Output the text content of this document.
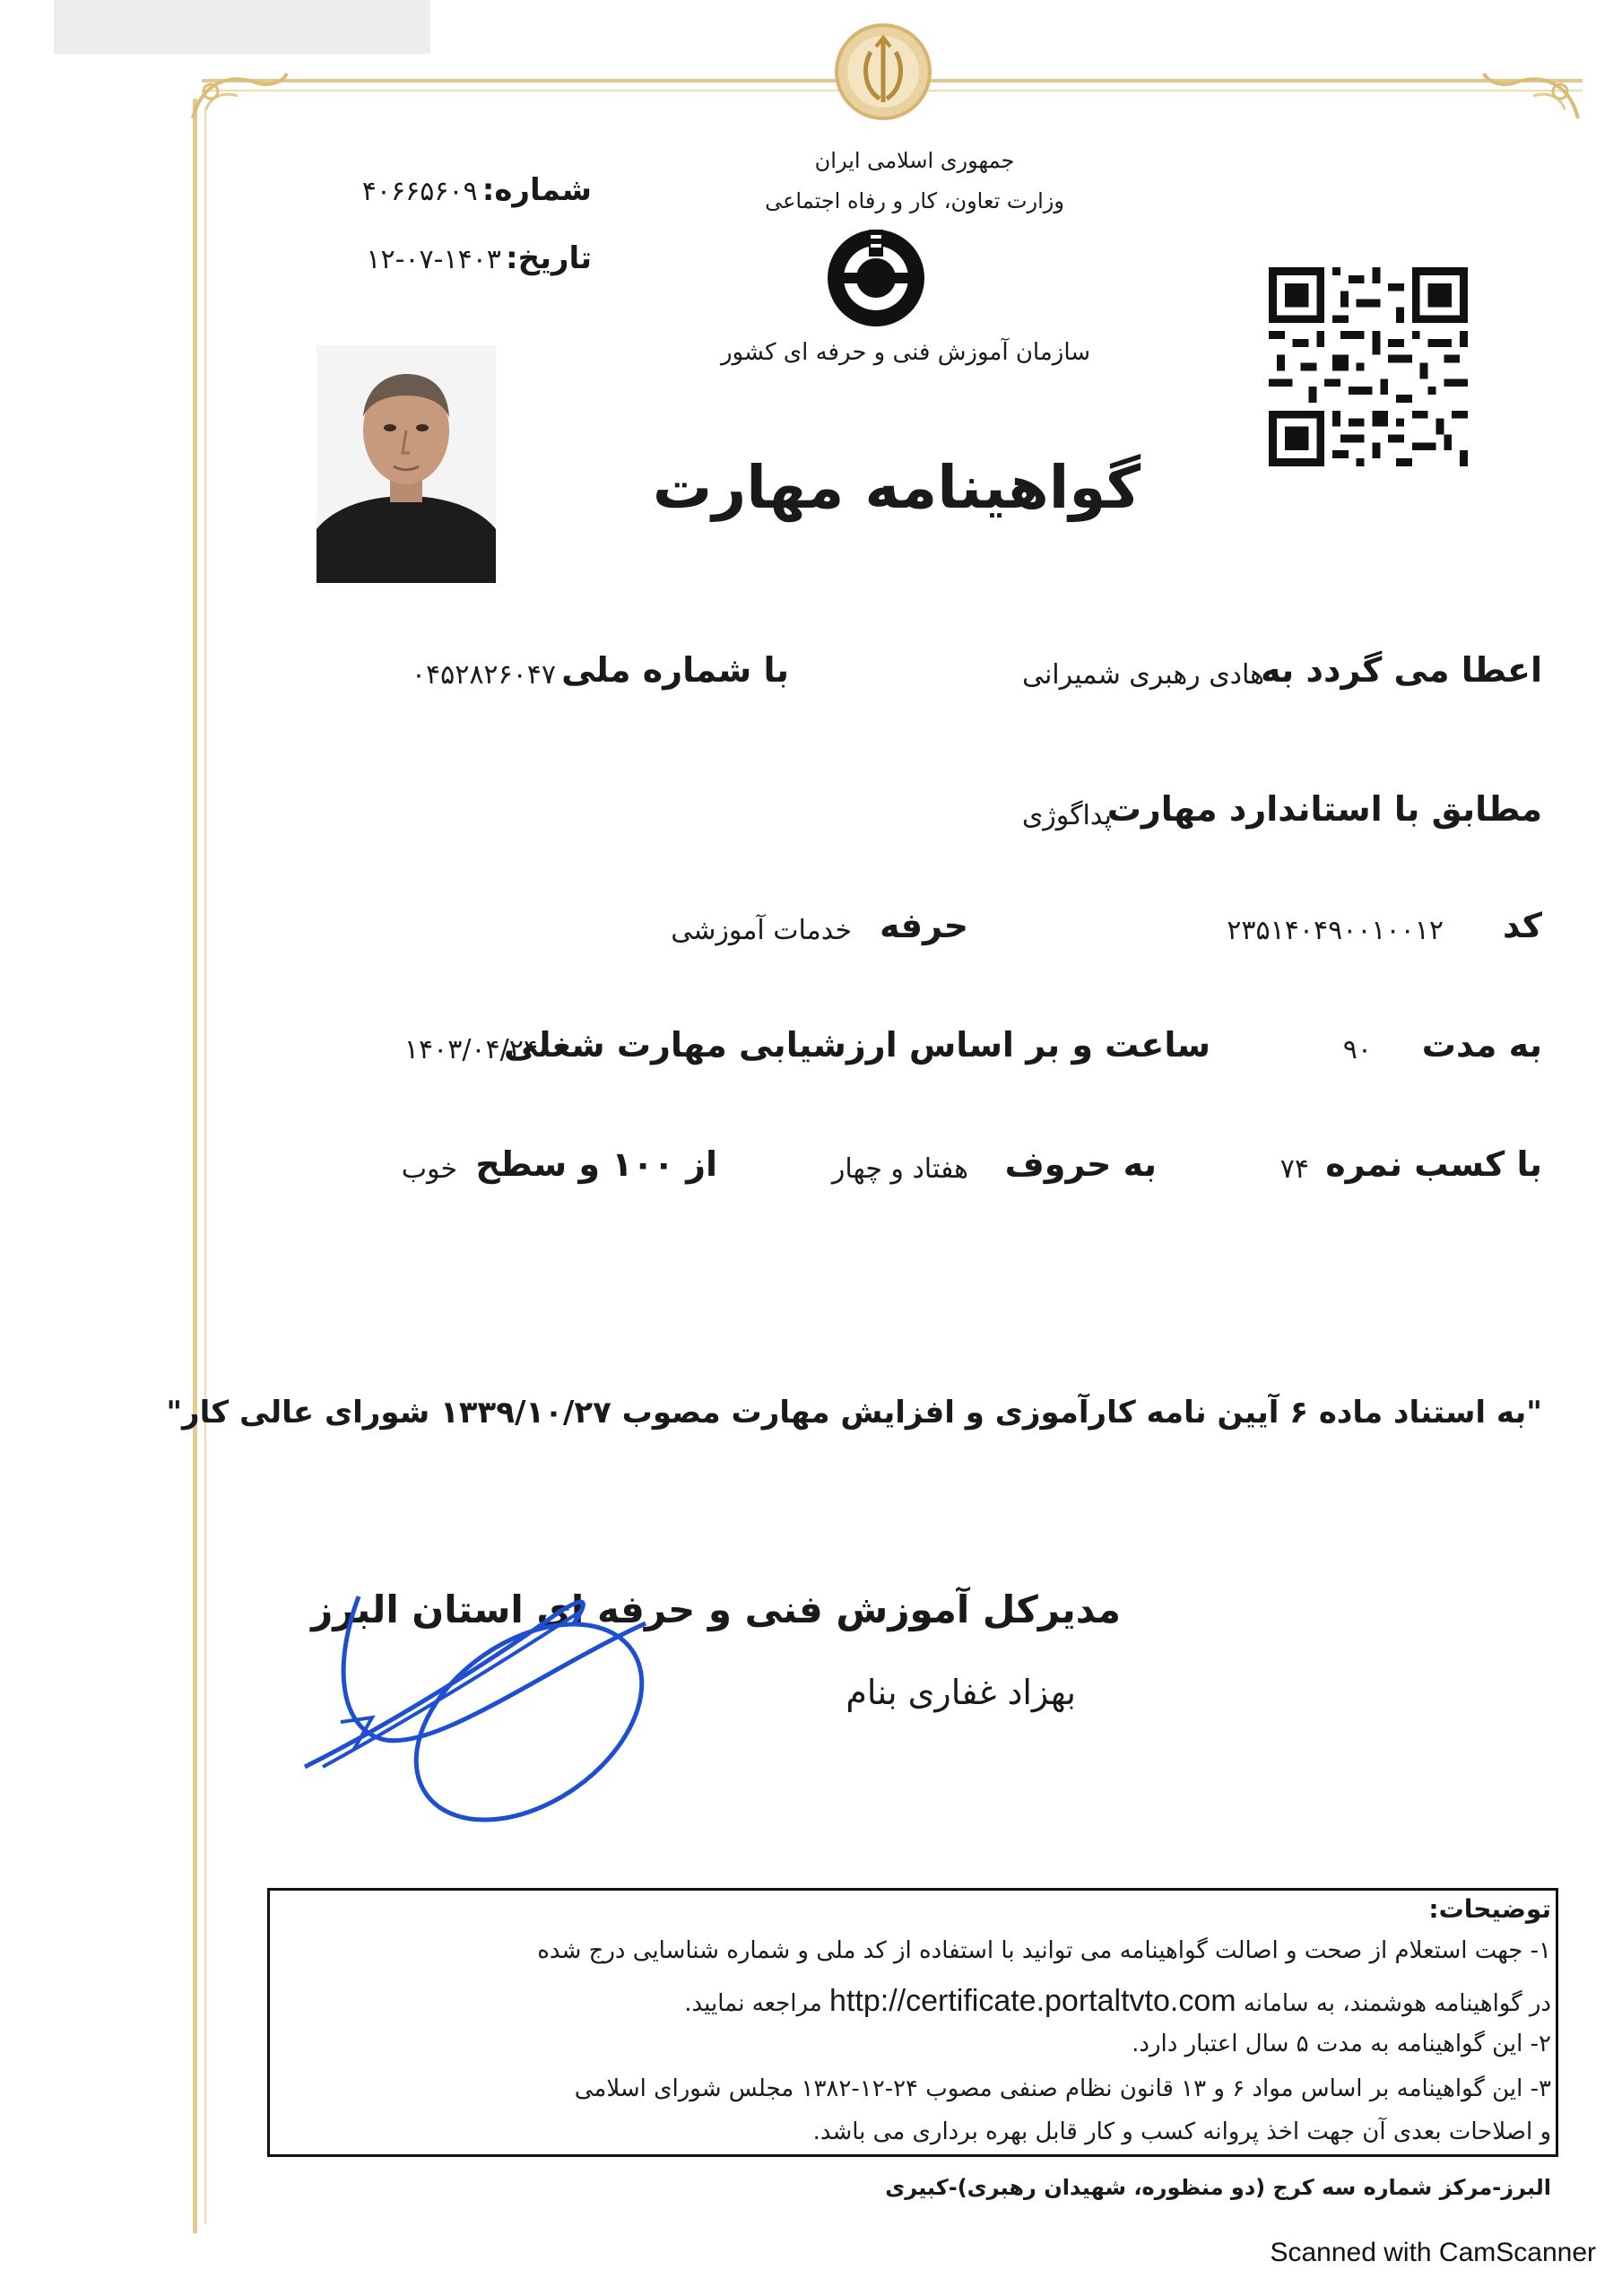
جمهوری اسلامی ایران
وزارت تعاون، کار و رفاه اجتماعی
سازمان آموزش فنی و حرفه ای کشور
شماره: ۴۰۶۶۵۶۰۹
تاریخ: ۱۴۰۳-۰۷-۱۲
گواهینامه مهارت
اعطا می گردد به
هادی رهبری شمیرانی
با شماره ملی
۰۴۵۲۸۲۶۰۴۷
مطابق با استاندارد مهارت
پداگوژی
کد
۲۳۵۱۴۰۴۹۰۰۱۰۰۱۲
حرفه
خدمات آموزشی
به مدت
۹۰
ساعت و بر اساس ارزشیابی مهارت شغلی
۱۴۰۳/۰۴/۲۴
با کسب نمره
۷۴
به حروف
هفتاد و چهار
از ۱۰۰ و سطح
خوب
"به استناد ماده ۶ آیین نامه کارآموزی و افزایش مهارت مصوب ۱۳۳۹/۱۰/۲۷ شورای عالی کار"
مدیرکل آموزش فنی و حرفه ای استان البرز
بهزاد غفاری بنام
توضیحات:
۱- جهت استعلام از صحت و اصالت گواهینامه می توانید با استفاده از کد ملی و شماره شناسایی درج شده
در گواهینامه هوشمند، به سامانه http://certificate.portaltvto.com مراجعه نمایید.
۲- این گواهینامه به مدت ۵ سال اعتبار دارد.
۳- این گواهینامه بر اساس مواد ۶ و ۱۳ قانون نظام صنفی مصوب ۲۴-۱۲-۱۳۸۲ مجلس شورای اسلامی
و اصلاحات بعدی آن جهت اخذ پروانه کسب و کار قابل بهره برداری می باشد.
البرز-مرکز شماره سه کرج (دو منظوره، شهیدان رهبری)-کبیری
Scanned with CamScanner
